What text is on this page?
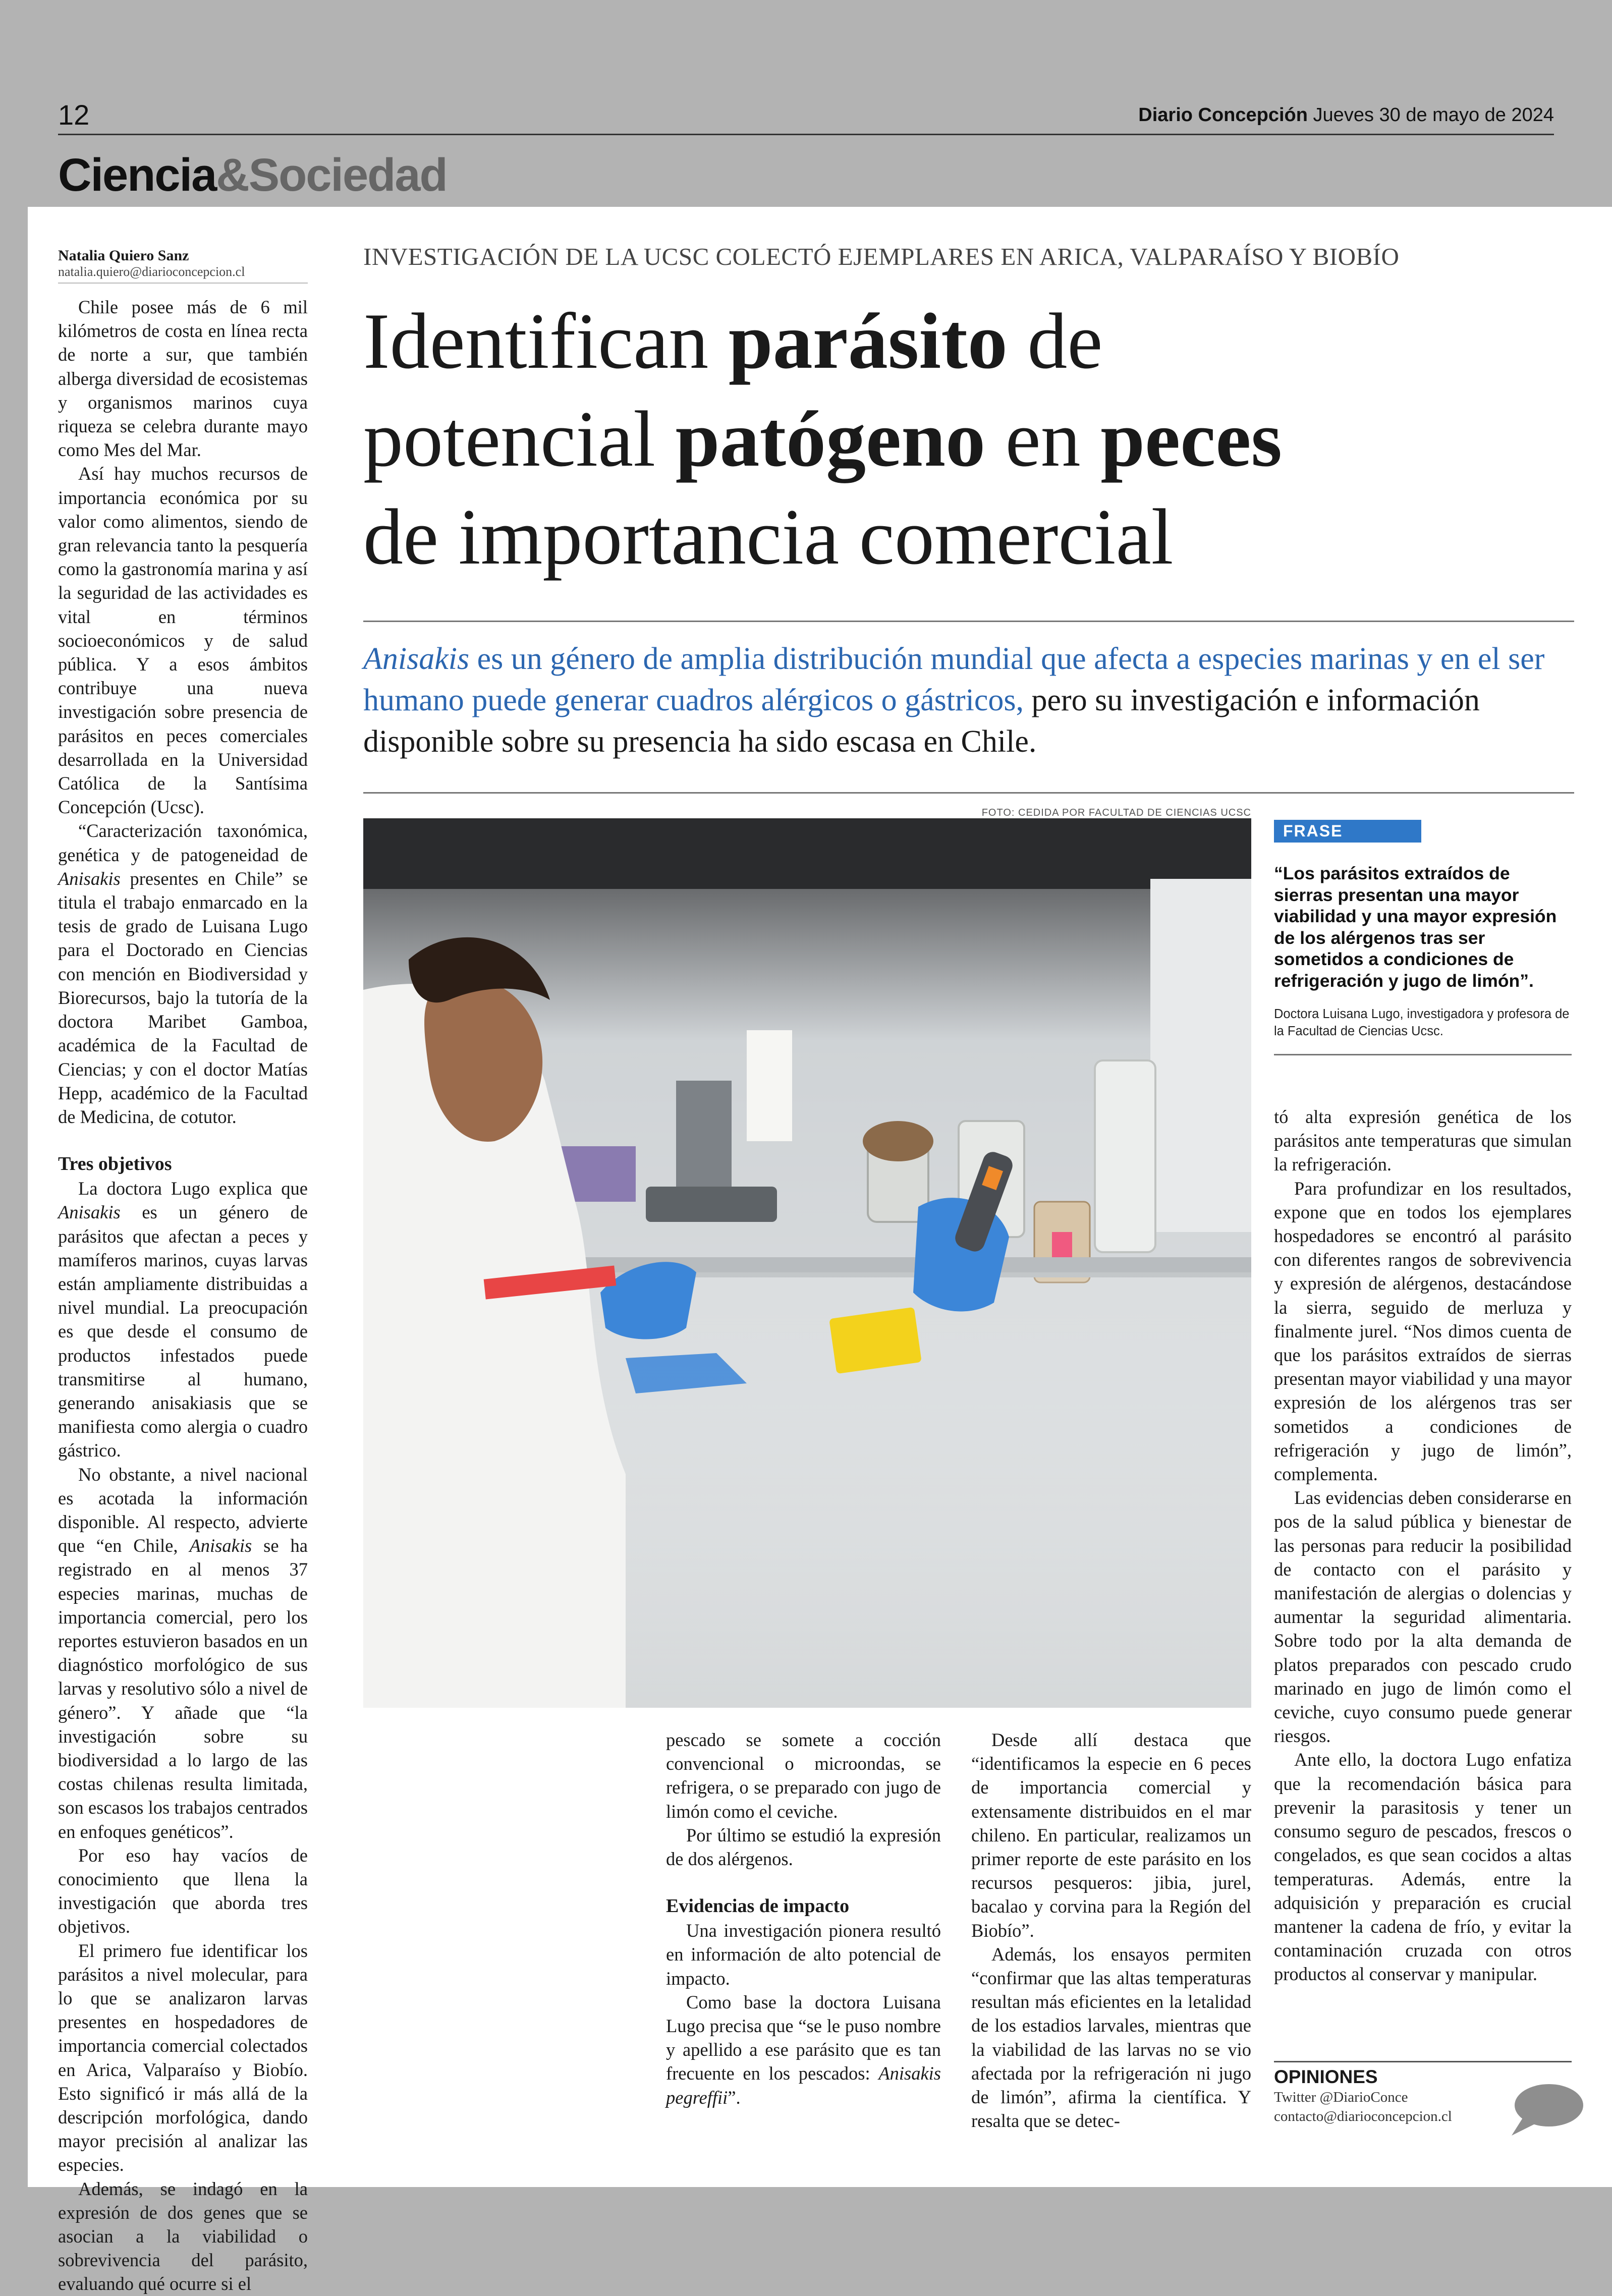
12	Diario Concepción Jueves 30 de mayo de 2024
Ciencia&Sociedad
Natalia Quiero Sanz
natalia.quiero@diarioconcepcion.cl
INVESTIGACIÓN DE LA UCSC COLECTÓ EJEMPLARES EN ARICA, VALPARAÍSO Y BIOBÍO
Identifican parásito de
potencial patógeno en peces
de importancia comercial
Anisakis es un género de amplia distribución mundial que afecta a especies marinas y en el ser humano puede generar cuadros alérgicos o gástricos, pero su investigación e información disponible sobre su presencia ha sido escasa en Chile.
FOTO: CEDIDA POR FACULTAD DE CIENCIAS UCSC
FRASE
“Los parásitos extraídos de sierras presentan una mayor viabilidad y una mayor expresión de los alérgenos tras ser sometidos a condiciones de refrigeración y jugo de limón”.
Doctora Luisana Lugo, investigadora y profesora de la Facultad de Ciencias Ucsc.

Chile posee más de 6 mil kilómetros de costa en línea recta de norte a sur, que también alberga diversidad de ecosistemas y organismos marinos cuya riqueza se celebra durante mayo como Mes del Mar.

Así hay muchos recursos de importancia económica por su valor como alimentos, siendo de gran relevancia tanto la pesquería como la gastronomía marina y así la seguridad de las actividades es vital en términos socioeconómicos y de salud pública. Y a esos ámbitos contribuye una nueva investigación sobre presencia de parásitos en peces comerciales desarrollada en la Universidad Católica de la Santísima Concepción (Ucsc).

“Caracterización taxonómica, genética y de patogeneidad de Anisakis presentes en Chile” se titula el trabajo enmarcado en la tesis de grado de Luisana Lugo para el Doctorado en Ciencias con mención en Biodiversidad y Biorecursos, bajo la tutoría de la doctora Maribet Gamboa, académica de la Facultad de Ciencias; y con el doctor Matías Hepp, académico de la Facultad de Medicina, de cotutor.

Tres objetivos

La doctora Lugo explica que Anisakis es un género de parásitos que afectan a peces y mamíferos marinos, cuyas larvas están ampliamente distribuidas a nivel mundial. La preocupación es que desde el consumo de productos infestados puede transmitirse al humano, generando anisakiasis que se manifiesta como alergia o cuadro gástrico.

No obstante, a nivel nacional es acotada la información disponible. Al respecto, advierte que “en Chile, Anisakis se ha registrado en al menos 37 especies marinas, muchas de importancia comercial, pero los reportes estuvieron basados en un diagnóstico morfológico de sus larvas y resolutivo sólo a nivel de género”. Y añade que “la investigación sobre su biodiversidad a lo largo de las costas chilenas resulta limitada, son escasos los trabajos centrados en enfoques genéticos”.

Por eso hay vacíos de conocimiento que llena la investigación que aborda tres objetivos.

El primero fue identificar los parásitos a nivel molecular, para lo que se analizaron larvas presentes en hospedadores de importancia comercial colectados en Arica, Valparaíso y Biobío. Esto significó ir más allá de la descripción morfológica, dando mayor precisión al analizar las especies.

Además, se indagó en la expresión de dos genes que se asocian a la viabilidad o sobrevivencia del parásito, evaluando qué ocurre si el

pescado se somete a cocción convencional o microondas, se refrigera, o se preparado con jugo de limón como el ceviche.

Por último se estudió la expresión de dos alérgenos.

Evidencias de impacto

Una investigación pionera resultó en información de alto potencial de impacto.

Como base la doctora Luisana Lugo precisa que “se le puso nombre y apellido a ese parásito que es tan frecuente en los pescados: Anisakis pegreffii”.

Desde allí destaca que “identificamos la especie en 6 peces de importancia comercial y extensamente distribuidos en el mar chileno. En particular, realizamos un primer reporte de este parásito en los recursos pesqueros: jibia, jurel, bacalao y corvina para la Región del Biobío”.

Además, los ensayos permiten “confirmar que las altas temperaturas resultan más eficientes en la letalidad de los estadios larvales, mientras que la viabilidad de las larvas no se vio afectada por la refrigeración ni jugo de limón”, afirma la científica. Y resalta que se detec-

tó alta expresión genética de los parásitos ante temperaturas que simulan la refrigeración.

Para profundizar en los resultados, expone que en todos los ejemplares hospedadores se encontró al parásito con diferentes rangos de sobrevivencia y expresión de alérgenos, destacándose la sierra, seguido de merluza y finalmente jurel. “Nos dimos cuenta de que los parásitos extraídos de sierras presentan mayor viabilidad y una mayor expresión de los alérgenos tras ser sometidos a condiciones de refrigeración y jugo de limón”, complementa.

Las evidencias deben considerarse en pos de la salud pública y bienestar de las personas para reducir la posibilidad de contacto con el parásito y manifestación de alergias o dolencias y aumentar la seguridad alimentaria. Sobre todo por la alta demanda de platos preparados con pescado crudo marinado en jugo de limón como el ceviche, cuyo consumo puede generar riesgos.

Ante ello, la doctora Lugo enfatiza que la recomendación básica para prevenir la parasitosis y tener un consumo seguro de pescados, frescos o congelados, es que sean cocidos a altas temperaturas. Además, entre la adquisición y preparación es crucial mantener la cadena de frío, y evitar la contaminación cruzada con otros productos al conservar y manipular.

OPINIONES
Twitter @DiarioConce
contacto@diarioconcepcion.cl
